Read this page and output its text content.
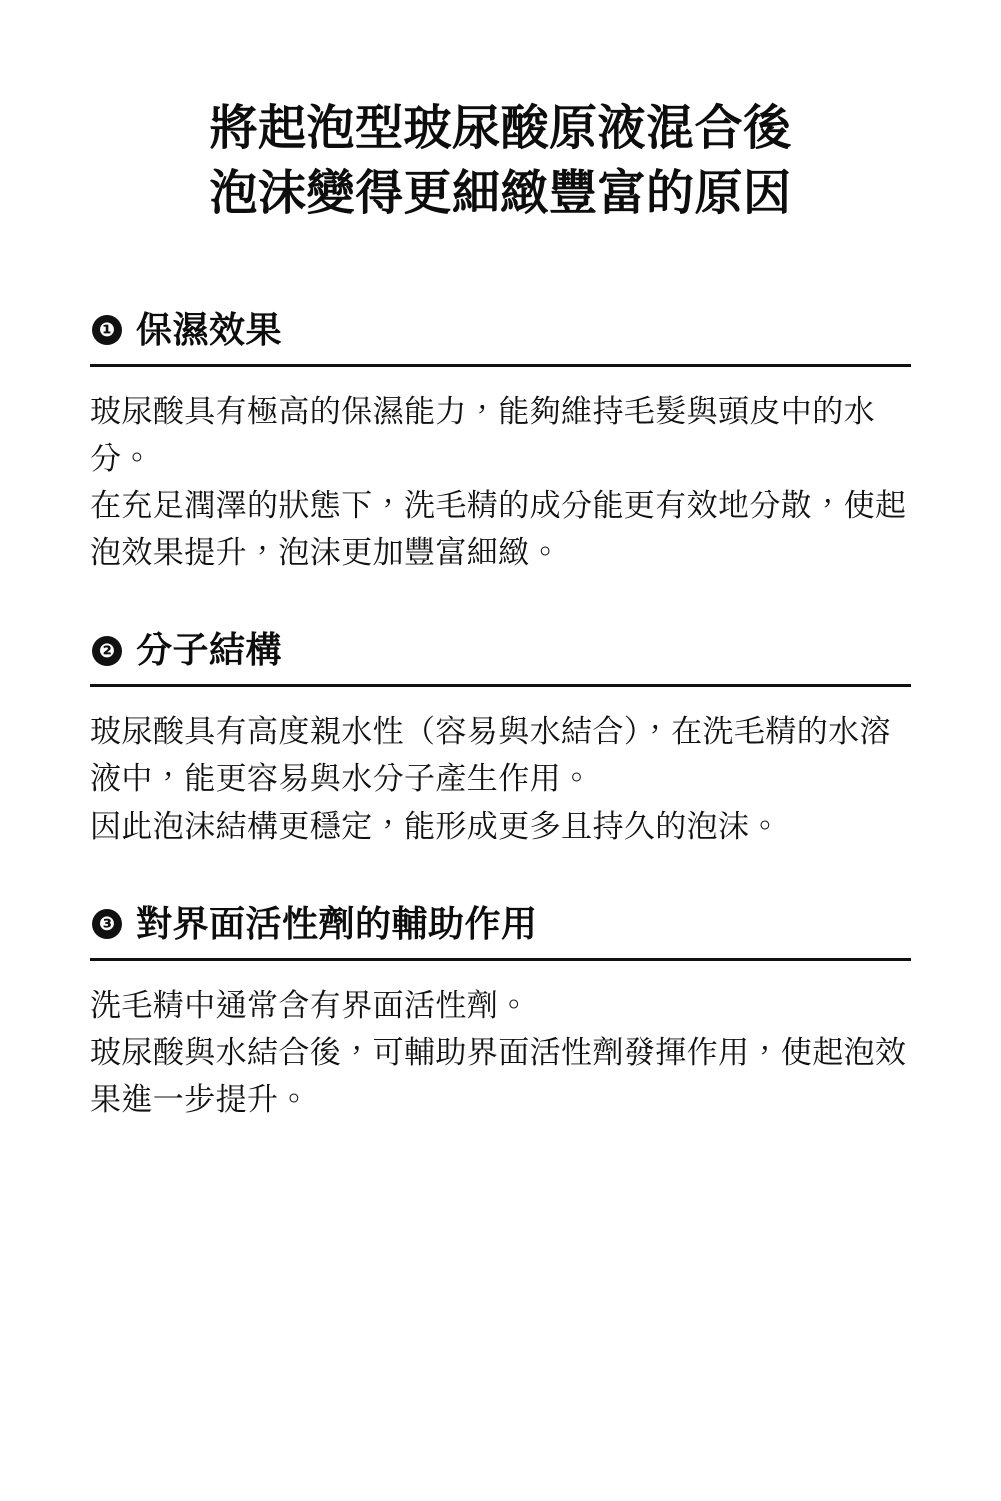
將起泡型玻尿酸原液混合後
泡沫變得更細緻豐富的原因
❶ 保濕效果

玻尿酸具有極高的保濕能力，能夠維持毛髮與頭皮中的水分。

在充足潤澤的狀態下，洗毛精的成分能更有效地分散，使起泡效果提升，泡沫更加豐富細緻。

❷ 分子結構

玻尿酸具有高度親水性（容易與水結合），在洗毛精的水溶液中，能更容易與水分子產生作用。

因此泡沫結構更穩定，能形成更多且持久的泡沫。

❸ 對界面活性劑的輔助作用

洗毛精中通常含有界面活性劑。

玻尿酸與水結合後，可輔助界面活性劑發揮作用，使起泡效果進一步提升。
